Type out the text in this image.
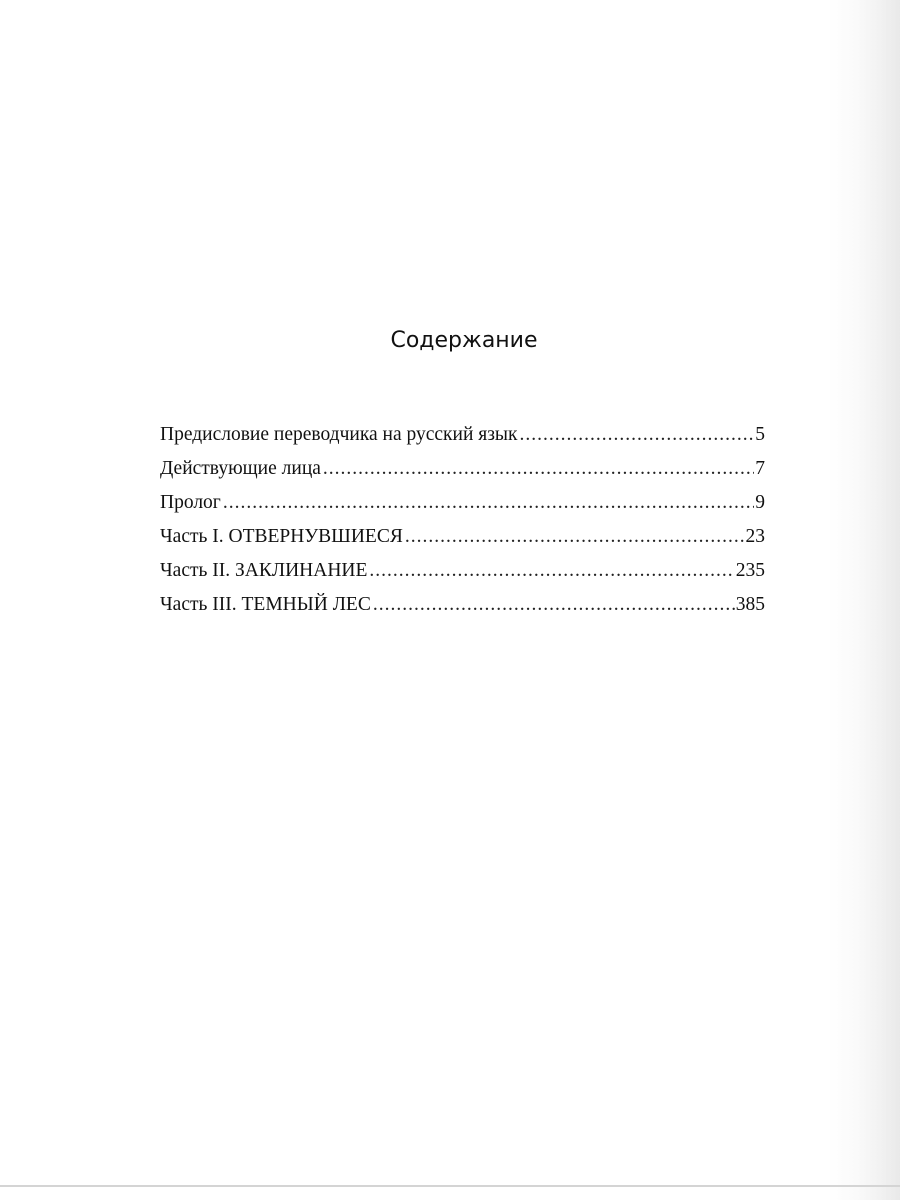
Содержание
Предисловие переводчика на русский язык .....	5
Действующие лица .....	7
Пролог .....	9
Часть I. ОТВЕРНУВШИЕСЯ .....	23
Часть II. ЗАКЛИНАНИЕ .....	235
Часть III. ТЕМНЫЙ ЛЕС .....	385
